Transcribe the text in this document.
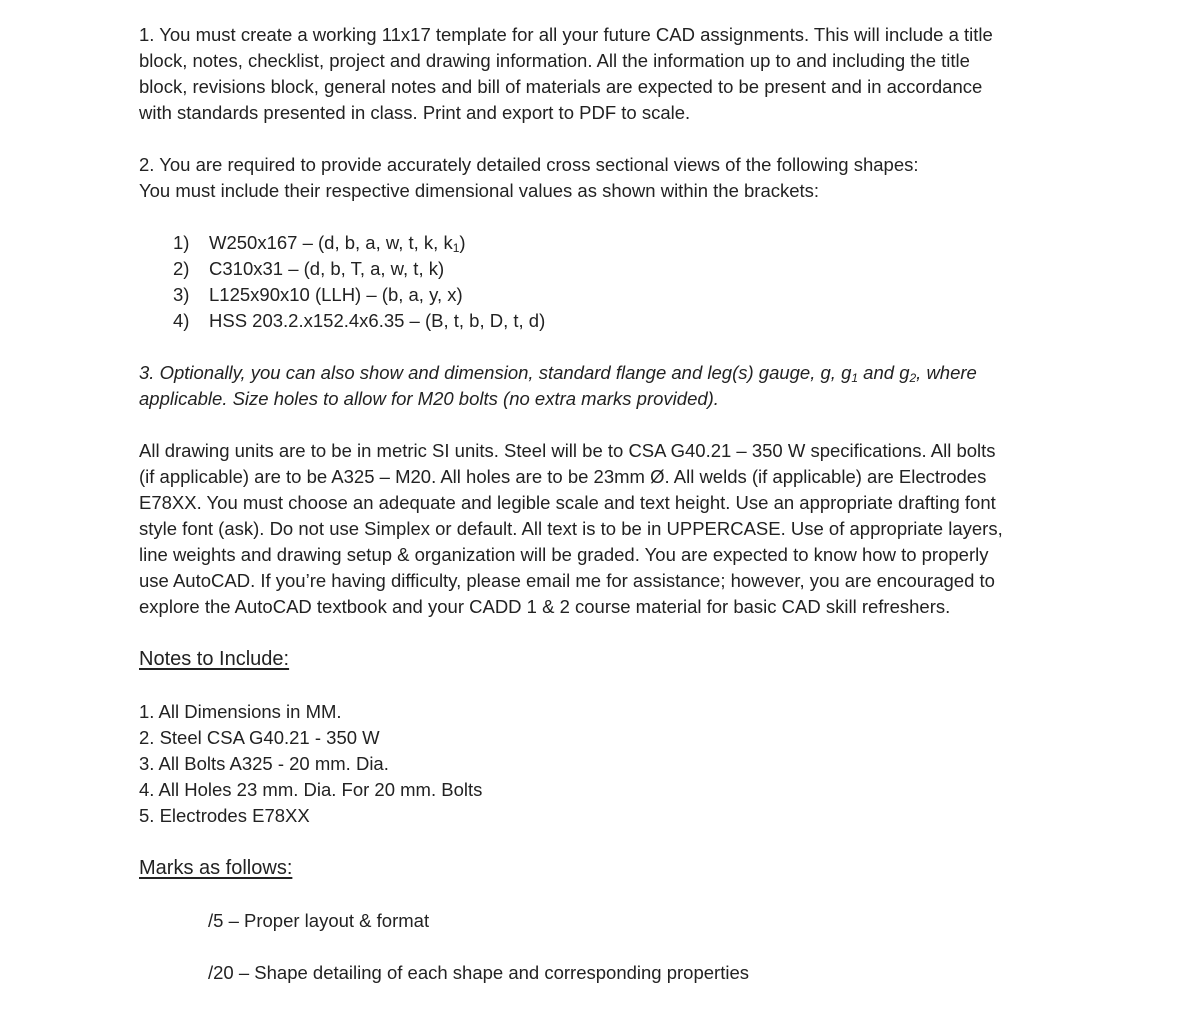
1. You must create a working 11x17 template for all your future CAD assignments. This will include a title

block, notes, checklist, project and drawing information. All the information up to and including the title

block, revisions block, general notes and bill of materials are expected to be present and in accordance

with standards presented in class. Print and export to PDF to scale.

2. You are required to provide accurately detailed cross sectional views of the following shapes:

You must include their respective dimensional values as shown within the brackets:

1) W250x167 – (d, b, a, w, t, k, $k_1$)
2) C310x31 – (d, b, T, a, w, t, k)
3) L125x90x10 (LLH) – (b, a, y, x)
4) HSS 203.2.x152.4x6.35 – (B, t, b, D, t, d)

3. Optionally, you can also show and dimension, standard flange and leg(s) gauge, g, $g_1$ and $g_2$, where

applicable. Size holes to allow for M20 bolts (no extra marks provided).

All drawing units are to be in metric SI units. Steel will be to CSA G40.21 – 350 W specifications. All bolts

(if applicable) are to be A325 – M20. All holes are to be 23mm Ø. All welds (if applicable) are Electrodes

E78XX. You must choose an adequate and legible scale and text height. Use an appropriate drafting font

style font (ask). Do not use Simplex or default. All text is to be in UPPERCASE. Use of appropriate layers,

line weights and drawing setup & organization will be graded. You are expected to know how to properly

use AutoCAD. If you’re having difficulty, please email me for assistance; however, you are encouraged to

explore the AutoCAD textbook and your CADD 1 & 2 course material for basic CAD skill refreshers.

Notes to Include:

1. All Dimensions in MM.

2. Steel CSA G40.21 - 350 W

3. All Bolts A325 - 20 mm. Dia.

4. All Holes 23 mm. Dia. For 20 mm. Bolts

5. Electrodes E78XX

Marks as follows:

/5 – Proper layout & format

/20 – Shape detailing of each shape and corresponding properties
